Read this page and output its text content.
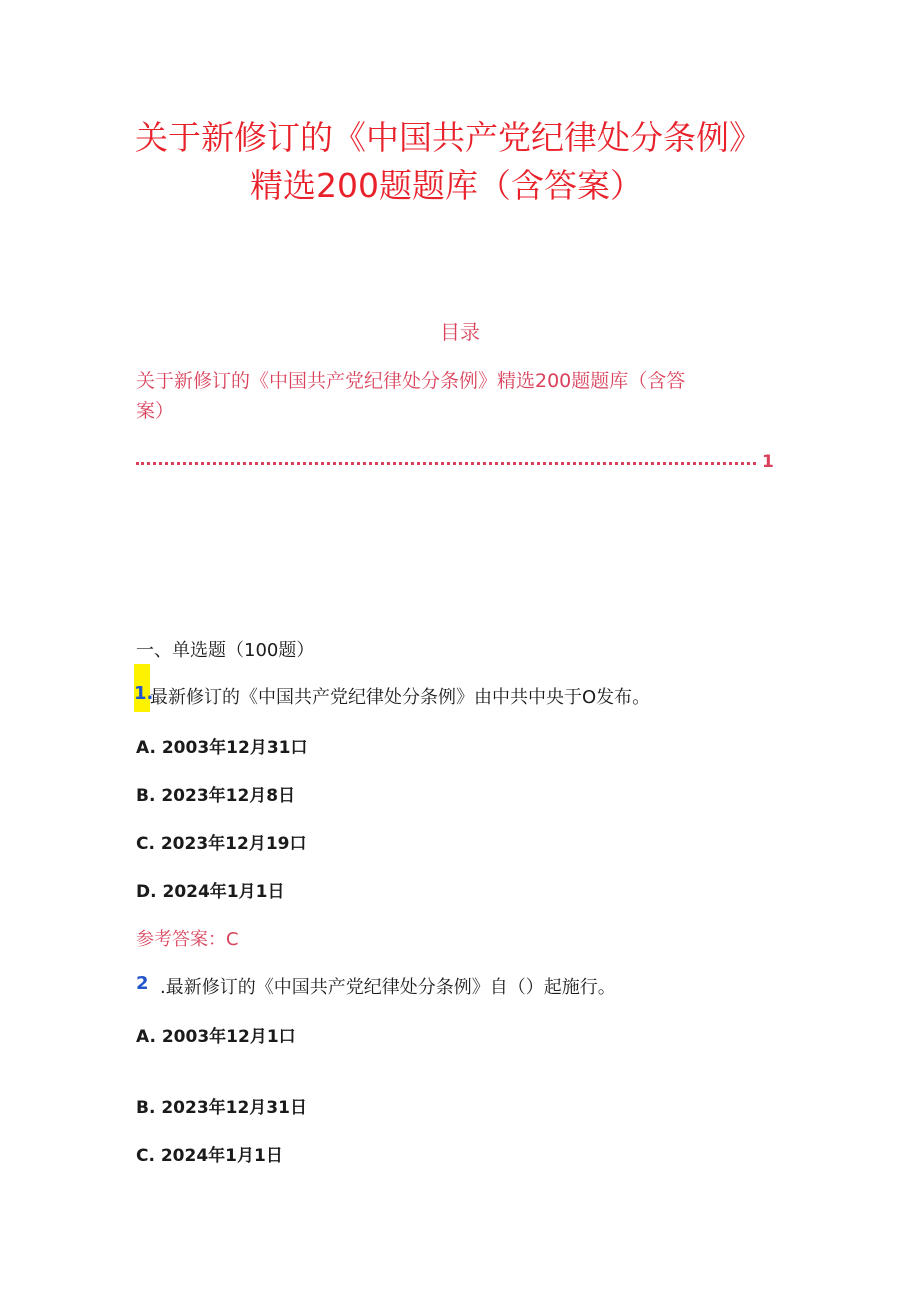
关于新修订的《中国共产党纪律处分条例》
精选200题题库（含答案）
目录
关于新修订的《中国共产党纪律处分条例》精选200题题库（含答
案）
1
一、单选题（100题）
1.
最新修订的《中国共产党纪律处分条例》由中共中央于O发布。
A. 2003年12月31口
B. 2023年12月8日
C. 2023年12月19口
D. 2024年1月1日
参考答案：C
2 .最新修订的《中国共产党纪律处分条例》自（）起施行。
A. 2003年12月1口
B. 2023年12月31日
C. 2024年1月1日
